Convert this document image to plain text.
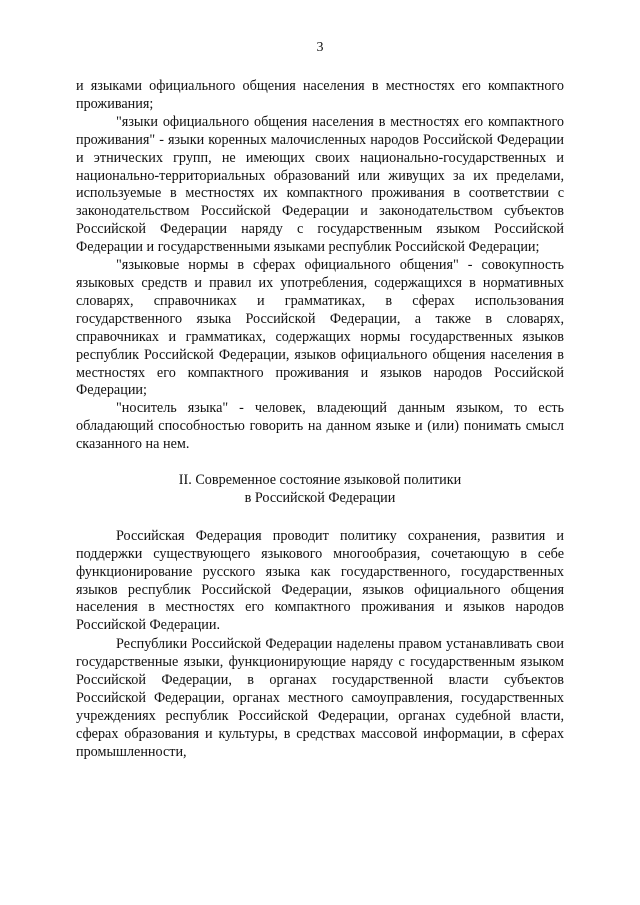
3

и языками официального общения населения в местностях его компактного проживания;

"языки официального общения населения в местностях его компактного проживания" - языки коренных малочисленных народов Российской Федерации и этнических групп, не имеющих своих национально-государственных и национально-территориальных образований или живущих за их пределами, используемые в местностях их компактного проживания в соответствии с законодательством Российской Федерации и законодательством субъектов Российской Федерации наряду с государственным языком Российской Федерации и государственными языками республик Российской Федерации;

"языковые нормы в сферах официального общения" - совокупность языковых средств и правил их употребления, содержащихся в нормативных словарях, справочниках и грамматиках, в сферах использования государственного языка Российской Федерации, а также в словарях, справочниках и грамматиках, содержащих нормы государственных языков республик Российской Федерации, языков официального общения населения в местностях его компактного проживания и языков народов Российской Федерации;

"носитель языка" - человек, владеющий данным языком, то есть обладающий способностью говорить на данном языке и (или) понимать смысл сказанного на нем.

II. Современное состояние языковой политики
в Российской Федерации

Российская Федерация проводит политику сохранения, развития и поддержки существующего языкового многообразия, сочетающую в себе функционирование русского языка как государственного, государственных языков республик Российской Федерации, языков официального общения населения в местностях его компактного проживания и языков народов Российской Федерации.

Республики Российской Федерации наделены правом устанавливать свои государственные языки, функционирующие наряду с государственным языком Российской Федерации, в органах государственной власти субъектов Российской Федерации, органах местного самоуправления, государственных учреждениях республик Российской Федерации, органах судебной власти, сферах образования и культуры, в средствах массовой информации, в сферах промышленности,
